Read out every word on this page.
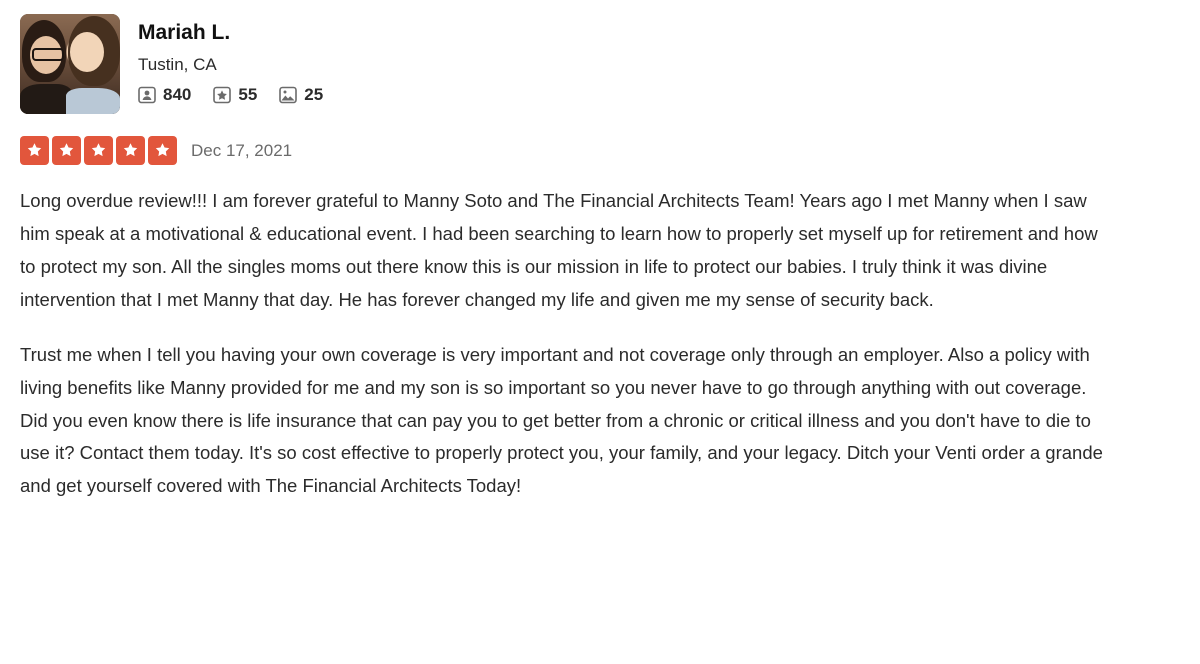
Mariah L.
Tustin, CA
840	55	25
Dec 17, 2021

Long overdue review!!! I am forever grateful to Manny Soto and The Financial Architects Team! Years ago I met Manny when I saw him speak at a motivational & educational event. I had been searching to learn how to properly set myself up for retirement and how to protect my son. All the singles moms out there know this is our mission in life to protect our babies. I truly think it was divine intervention that I met Manny that day. He has forever changed my life and given me my sense of security back.

Trust me when I tell you having your own coverage is very important and not coverage only through an employer. Also a policy with living benefits like Manny provided for me and my son is so important so you never have to go through anything with out coverage. Did you even know there is life insurance that can pay you to get better from a chronic or critical illness and you don't have to die to use it? Contact them today. It's so cost effective to properly protect you, your family, and your legacy. Ditch your Venti order a grande and get yourself covered with The Financial Architects Today!
